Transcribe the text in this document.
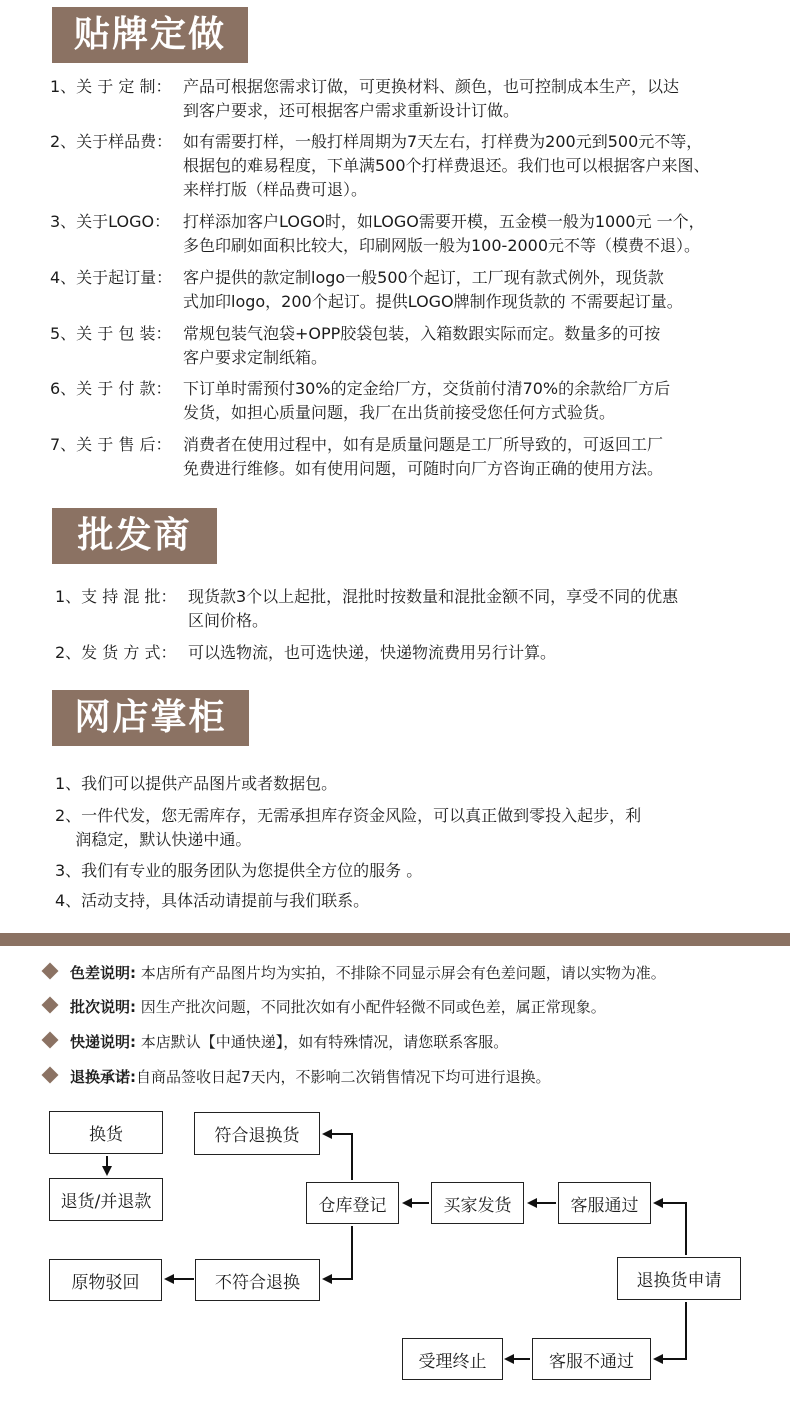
贴牌定做
1、关 于 定 制： 产品可根据您需求订做，可更换材料、颜色，也可控制成本生产，以达
到客户要求，还可根据客户需求重新设计订做。
2、关于样品费： 如有需要打样，一般打样周期为7天左右，打样费为200元到500元不等，
根据包的难易程度，下单满500个打样费退还。我们也可以根据客户来图、
来样打版（样品费可退）。
3、关于LOGO： 打样添加客户LOGO时，如LOGO需要开模，五金模一般为1000元 一个，
多色印刷如面积比较大，印刷网版一般为100-2000元不等（模费不退）。
4、关于起订量： 客户提供的款定制logo一般500个起订，工厂现有款式例外，现货款
式加印logo，200个起订。提供LOGO牌制作现货款的 不需要起订量。
5、关 于 包 装： 常规包装气泡袋+OPP胶袋包装，入箱数跟实际而定。数量多的可按
客户要求定制纸箱。
6、关 于 付 款： 下订单时需预付30%的定金给厂方，交货前付清70%的余款给厂方后
发货，如担心质量问题，我厂在出货前接受您任何方式验货。
7、关 于 售 后： 消费者在使用过程中，如有是质量问题是工厂所导致的，可返回工厂
免费进行维修。如有使用问题，可随时向厂方咨询正确的使用方法。
批发商
1、支 持 混 批： 现货款3个以上起批，混批时按数量和混批金额不同，享受不同的优惠
区间价格。
2、发 货 方 式： 可以选物流，也可选快递，快递物流费用另行计算。
网店掌柜
1、我们可以提供产品图片或者数据包。
2、一件代发，您无需库存，无需承担库存资金风险，可以真正做到零投入起步，利
润稳定，默认快递中通。
3、我们有专业的服务团队为您提供全方位的服务 。
4、活动支持，具体活动请提前与我们联系。
色差说明: 本店所有产品图片均为实拍，不排除不同显示屏会有色差问题，请以实物为准。
批次说明: 因生产批次问题，不同批次如有小配件轻微不同或色差，属正常现象。
快递说明: 本店默认【中通快递】，如有特殊情况，请您联系客服。
退换承诺:自商品签收日起7天内，不影响二次销售情况下均可进行退换。
换货
退货/并退款
符合退换货
仓库登记	买家发货	客服通过
退换货申请
原物驳回	不符合退换
受理终止	客服不通过
